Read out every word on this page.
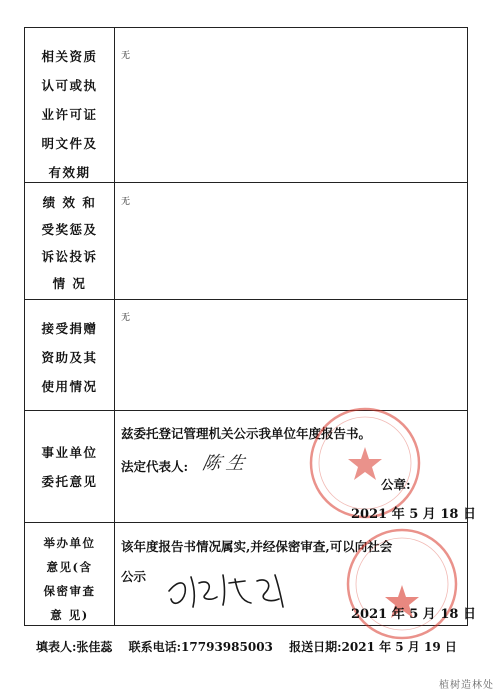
相关资质
认可或执
业许可证
明文件及
有效期
无
绩 效 和
受奖惩及
诉讼投诉
情 况
无
接受捐赠
资助及其
使用情况
无
事业单位
委托意见
兹委托登记管理机关公示我单位年度报告书。
法定代表人: 陈 生
公章:
2021 年 5 月 18 日
举办单位
意见(含
保密审查
意 见)
该年度报告书情况属实,并经保密审查,可以向社会
公示
2021 年 5 月 18 日
填表人:张佳蕊 联系电话:17793985003 报送日期:2021 年 5 月 19 日
植树造林处
